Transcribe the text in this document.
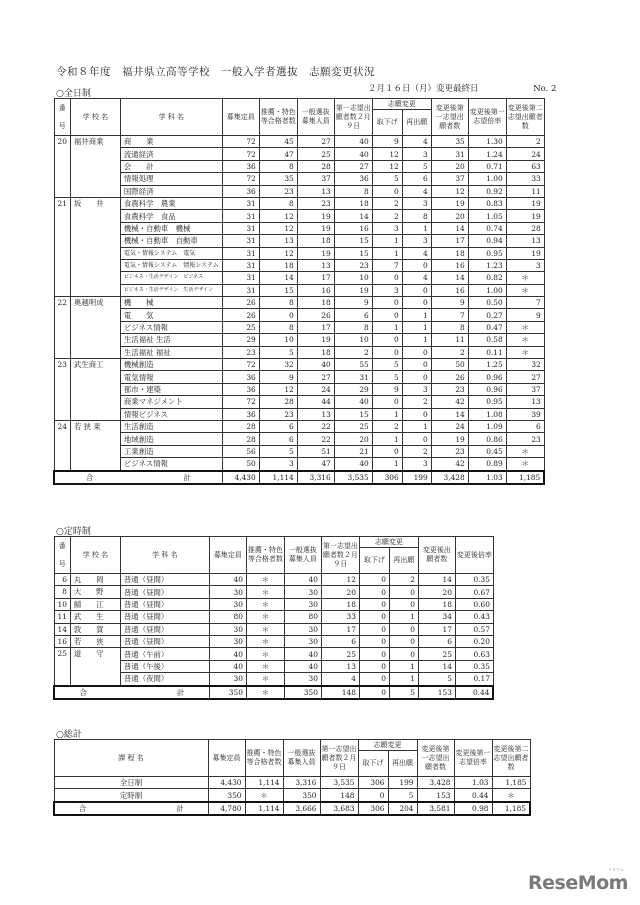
令和８年度　福井県立高等学校　一般入学者選抜　志願変更状況
２月１６日（月）変更最終日	No. 2
○全日制
番

号	学 校 名	学 科 名	募集定員	推薦・特色等合格者数	一般選抜募集人員	第一志望出願者数２月９日	志願変更		変更後第一志望出願者数	変更後第一志望倍率	変更後第二志望出願者数
							取下げ	再出願			
20	福井商業	商　　業	72	45	27	40	9	4	35	1.30	2
		流通経済	72	47	25	40	12	3	31	1.24	24
		会　　計	36	8	28	27	12	5	20	0.71	63
		情報処理	72	35	37	36	5	6	37	1.00	33
		国際経済	36	23	13	8	0	4	12	0.92	11
21	坂　　井	食農科学　農業	31	8	23	18	2	3	19	0.83	19
		食農科学　食品	31	12	19	14	2	8	20	1.05	19
		機械・自動車　機械	31	12	19	16	3	1	14	0.74	28
		機械・自動車　自動車	31	13	18	15	1	3	17	0.94	13
		電気・情報システム　電気	31	12	19	15	1	4	18	0.95	19
		電気・情報システム　情報システム	31	18	13	23	7	0	16	1.23	3
		ビジネス・生活デザイン　ビジネス	31	14	17	10	0	4	14	0.82	＊
		ビジネス・生活デザイン　生活デザイン	31	15	16	19	3	0	16	1.00	＊
22	奥越明成	機　　械	26	8	18	9	0	0	9	0.50	7
		電　　気	26	0	26	6	0	1	7	0.27	9
		ビジネス情報	25	8	17	8	1	1	8	0.47	＊
		生活福祉 生活	29	10	19	10	0	1	11	0.58	＊
		生活福祉 福祉	23	5	18	2	0	0	2	0.11	＊
23	武生商工	機械創造	72	32	40	55	5	0	50	1.25	32
		電気情報	36	9	27	31	5	0	26	0.96	27
		都市・建築	36	12	24	29	9	3	23	0.96	37
		商業マネジメント	72	28	44	40	0	2	42	0.95	13
		情報ビジネス	36	23	13	15	1	0	14	1.08	39
24	若 狭 東	生活創造	28	6	22	25	2	1	24	1.09	6
		地域創造	28	6	22	20	1	0	19	0.86	23
		工業創造	56	5	51	21	0	2	23	0.45	＊
		ビジネス情報	50	3	47	40	1	3	42	0.89	＊
合 計			4,430	1,114	3,316	3,535	306	199	3,428	1.03	1,185
○定時制
番

号	学 校 名	学 科 名	募集定員	推薦・特色等合格者数	一般選抜募集人員	第一志望出願者数２月９日	志願変更		変更後出願者数	変更後倍率
							取下げ	再出願		
6	丸　　岡	普通（昼間）	40	＊	40	12	0	2	14	0.35
8	大　　野	普通（昼間）	30	＊	30	20	0	0	20	0.67
10	鯖　　江	普通（昼間）	30	＊	30	18	0	0	18	0.60
11	武　　生	普通（昼間）	80	＊	80	33	0	1	34	0.43
14	敦　　賀	普通（昼間）	30	＊	30	17	0	0	17	0.57
16	若　　狭	普通（昼間）	30	＊	30	6	0	0	6	0.20
25	道　　守	普通（午前）	40	＊	40	25	0	0	25	0.63
		普通（午後）	40	＊	40	13	0	1	14	0.35
		普通（夜間）	30	＊	30	4	0	1	5	0.17
合 計			350	＊	350	148	0	5	153	0.44
○総計
課 程 名	募集定員	推薦・特色等合格者数	一般選抜募集人員	第一志望出願者数２月９日	志願変更		変更後第一志望出願者数	変更後第一志望倍率	変更後第二志望出願者数
					取下げ	再出願			
全日制	4,430	1,114	3,316	3,535	306	199	3,428	1.03	1,185
定時制	350	＊	350	148	0	5	153	0.44	＊
合 計	4,780	1,114	3,666	3,683	306	204	3,581	0.98	1,185
ReseMom
リセマム
